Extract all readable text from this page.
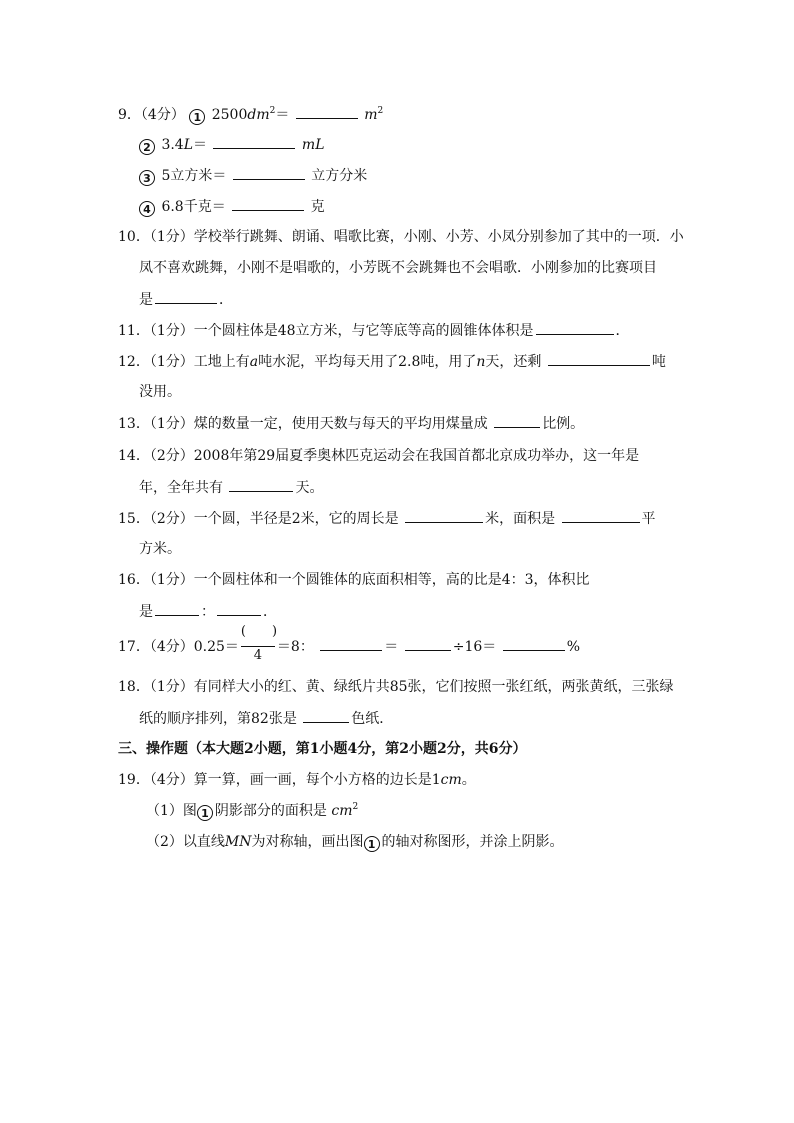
9．（4分） 1 $2500dm^2=$	$m^2$
2 3.4L＝	mL
3 5立方米＝	立方分米
4 6.8千克＝	克
10．（1分）学校举行跳舞、朗诵、唱歌比赛，小刚、小芳、小凤分别参加了其中的一项．小
凤不喜欢跳舞，小刚不是唱歌的，小芳既不会跳舞也不会唱歌．小刚参加的比赛项目
是	．
11．（1分）一个圆柱体是48立方米，与它等底等高的圆锥体体积是	．
12．（1分）工地上有a吨水泥，平均每天用了2.8吨，用了n天，还剩	吨
没用。
13．（1分）煤的数量一定，使用天数与每天的平均用煤量成	比例。
14．（2分）2008年第29届夏季奥林匹克运动会在我国首都北京成功举办，这一年是
年，全年共有	天。
15．（2分）一个圆，半径是2米，它的周长是	米，面积是	平
方米。
16．（1分）一个圆柱体和一个圆锥体的底面积相等，高的比是4：3，体积比
是	：	．
17．（4分）$0.25= \frac{( )}{4} =8$：	＝	÷16＝	%
18．（1分）有同样大小的红、黄、绿纸片共85张，它们按照一张红纸，两张黄纸，三张绿
纸的顺序排列，第82张是	色纸．
三、操作题（本大题2小题，第1小题4分，第2小题2分，共6分）
19．（4分）算一算，画一画，每个小方格的边长是1cm。
（1）图 1 阴影部分的面积是 $cm^2$
（2）以直线MN为对称轴，画出图 1 的轴对称图形，并涂上阴影。
